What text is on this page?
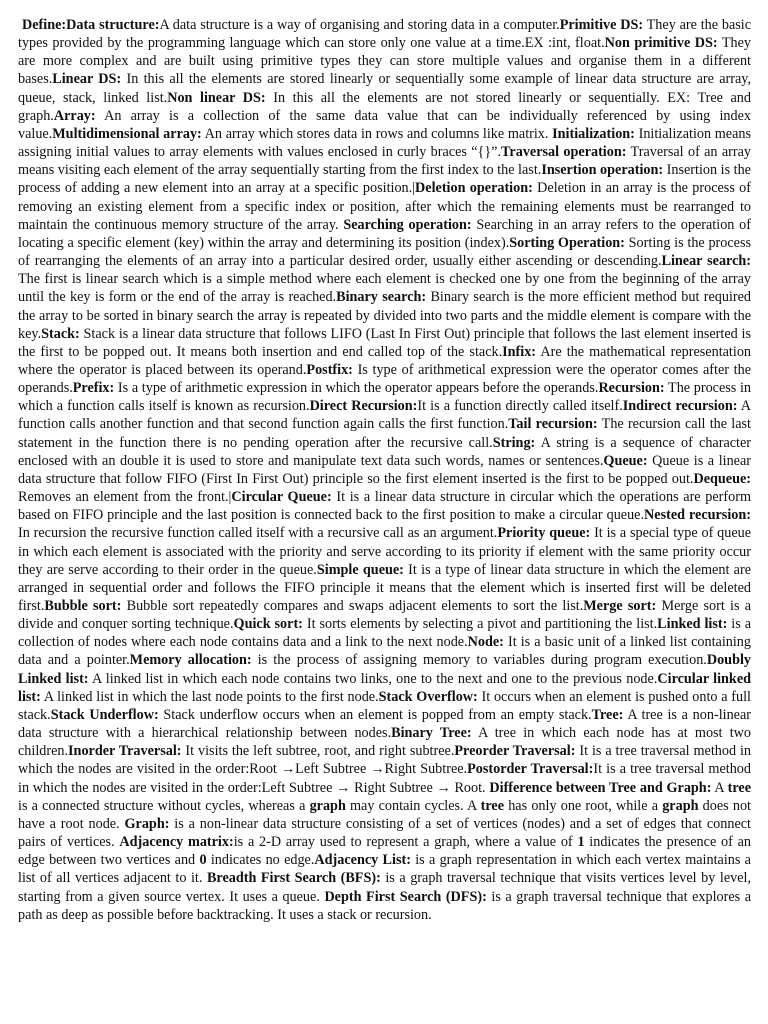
Define:Data structure:A data structure is a way of organising and storing data in a computer.Primitive DS: They are the basic types provided by the programming language which can store only one value at a time.EX :int, float.Non primitive DS: They are more complex and are built using primitive types they can store multiple values and organise them in a different bases.Linear DS: In this all the elements are stored linearly or sequentially some example of linear data structure are array, queue, stack, linked list.Non linear DS: In this all the elements are not stored linearly or sequentially. EX: Tree and graph.Array: An array is a collection of the same data value that can be individually referenced by using index value.Multidimensional array: An array which stores data in rows and columns like matrix. Initialization: Initialization means assigning initial values to array elements with values enclosed in curly braces “{}”.Traversal operation: Traversal of an array means visiting each element of the array sequentially starting from the first index to the last.Insertion operation: Insertion is the process of adding a new element into an array at a specific position.|Deletion operation: Deletion in an array is the process of removing an existing element from a specific index or position, after which the remaining elements must be rearranged to maintain the continuous memory structure of the array. Searching operation: Searching in an array refers to the operation of locating a specific element (key) within the array and determining its position (index).Sorting Operation: Sorting is the process of rearranging the elements of an array into a particular desired order, usually either ascending or descending.Linear search: The first is linear search which is a simple method where each element is checked one by one from the beginning of the array until the key is form or the end of the array is reached.Binary search: Binary search is the more efficient method but required the array to be sorted in binary search the array is repeated by divided into two parts and the middle element is compare with the key.Stack: Stack is a linear data structure that follows LIFO (Last In First Out) principle that follows the last element inserted is the first to be popped out. It means both insertion and end called top of the stack.Infix: Are the mathematical representation where the operator is placed between its operand.Postfix: Is type of arithmetical expression were the operator comes after the operands.Prefix: Is a type of arithmetic expression in which the operator appears before the operands.Recursion: The process in which a function calls itself is known as recursion.Direct Recursion:It is a function directly called itself.Indirect recursion: A function calls another function and that second function again calls the first function.Tail recursion: The recursion call the last statement in the function there is no pending operation after the recursive call.String: A string is a sequence of character enclosed with an double it is used to store and manipulate text data such words, names or sentences.Queue: Queue is a linear data structure that follow FIFO (First In First Out) principle so the first element inserted is the first to be popped out.Dequeue: Removes an element from the front.|Circular Queue: It is a linear data structure in circular which the operations are perform based on FIFO principle and the last position is connected back to the first position to make a circular queue.Nested recursion: In recursion the recursive function called itself with a recursive call as an argument.Priority queue: It is a special type of queue in which each element is associated with the priority and serve according to its priority if element with the same priority occur they are serve according to their order in the queue.Simple queue: It is a type of linear data structure in which the element are arranged in sequential order and follows the FIFO principle it means that the element which is inserted first will be deleted first.Bubble sort: Bubble sort repeatedly compares and swaps adjacent elements to sort the list.Merge sort: Merge sort is a divide and conquer sorting technique.Quick sort: It sorts elements by selecting a pivot and partitioning the list.Linked list: is a collection of nodes where each node contains data and a link to the next node.Node: It is a basic unit of a linked list containing data and a pointer.Memory allocation: is the process of assigning memory to variables during program execution.Doubly Linked list: A linked list in which each node contains two links, one to the next and one to the previous node.Circular linked list: A linked list in which the last node points to the first node.Stack Overflow: It occurs when an element is pushed onto a full stack.Stack Underflow: Stack underflow occurs when an element is popped from an empty stack.Tree: A tree is a non-linear data structure with a hierarchical relationship between nodes.Binary Tree: A tree in which each node has at most two children.Inorder Traversal: It visits the left subtree, root, and right subtree.Preorder Traversal: It is a tree traversal method in which the nodes are visited in the order:Root →Left Subtree →Right Subtree.Postorder Traversal:It is a tree traversal method in which the nodes are visited in the order:Left Subtree → Right Subtree → Root. Difference between Tree and Graph: A tree is a connected structure without cycles, whereas a graph may contain cycles. A tree has only one root, while a graph does not have a root node. Graph: is a non-linear data structure consisting of a set of vertices (nodes) and a set of edges that connect pairs of vertices. Adjacency matrix:is a 2-D array used to represent a graph, where a value of 1 indicates the presence of an edge between two vertices and 0 indicates no edge.Adjacency List: is a graph representation in which each vertex maintains a list of all vertices adjacent to it. Breadth First Search (BFS): is a graph traversal technique that visits vertices level by level, starting from a given source vertex. It uses a queue. Depth First Search (DFS): is a graph traversal technique that explores a path as deep as possible before backtracking. It uses a stack or recursion.
